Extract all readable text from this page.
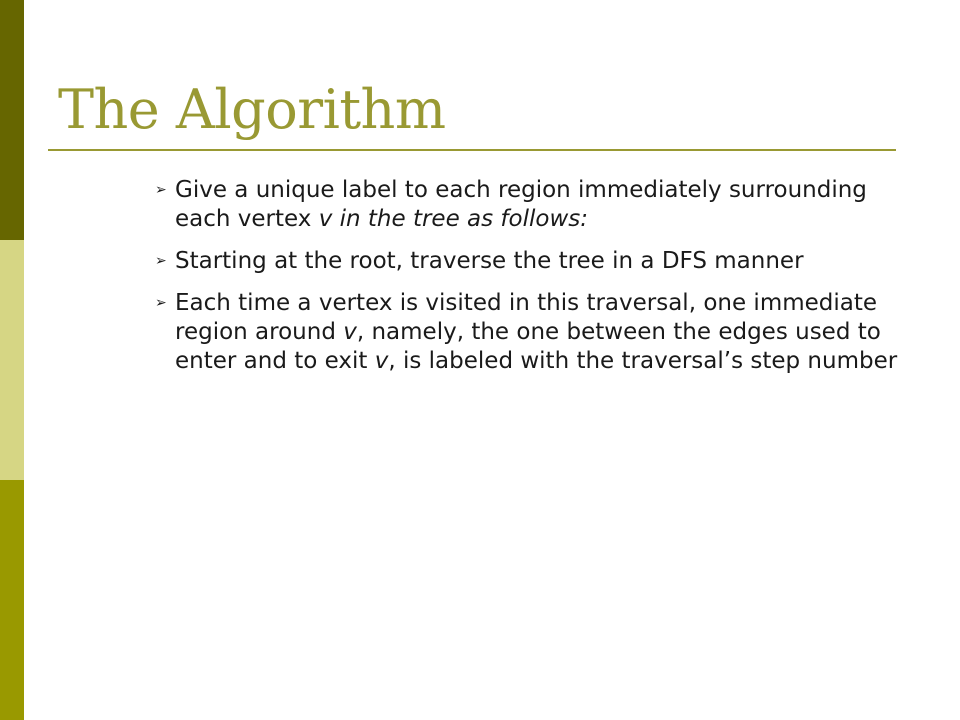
The Algorithm
➢ Give a unique label to each region immediately surrounding each vertex v in the tree as follows:
➢ Starting at the root, traverse the tree in a DFS manner
➢ Each time a vertex is visited in this traversal, one immediate region around v, namely, the one between the edges used to enter and to exit v, is labeled with the traversal’s step number
